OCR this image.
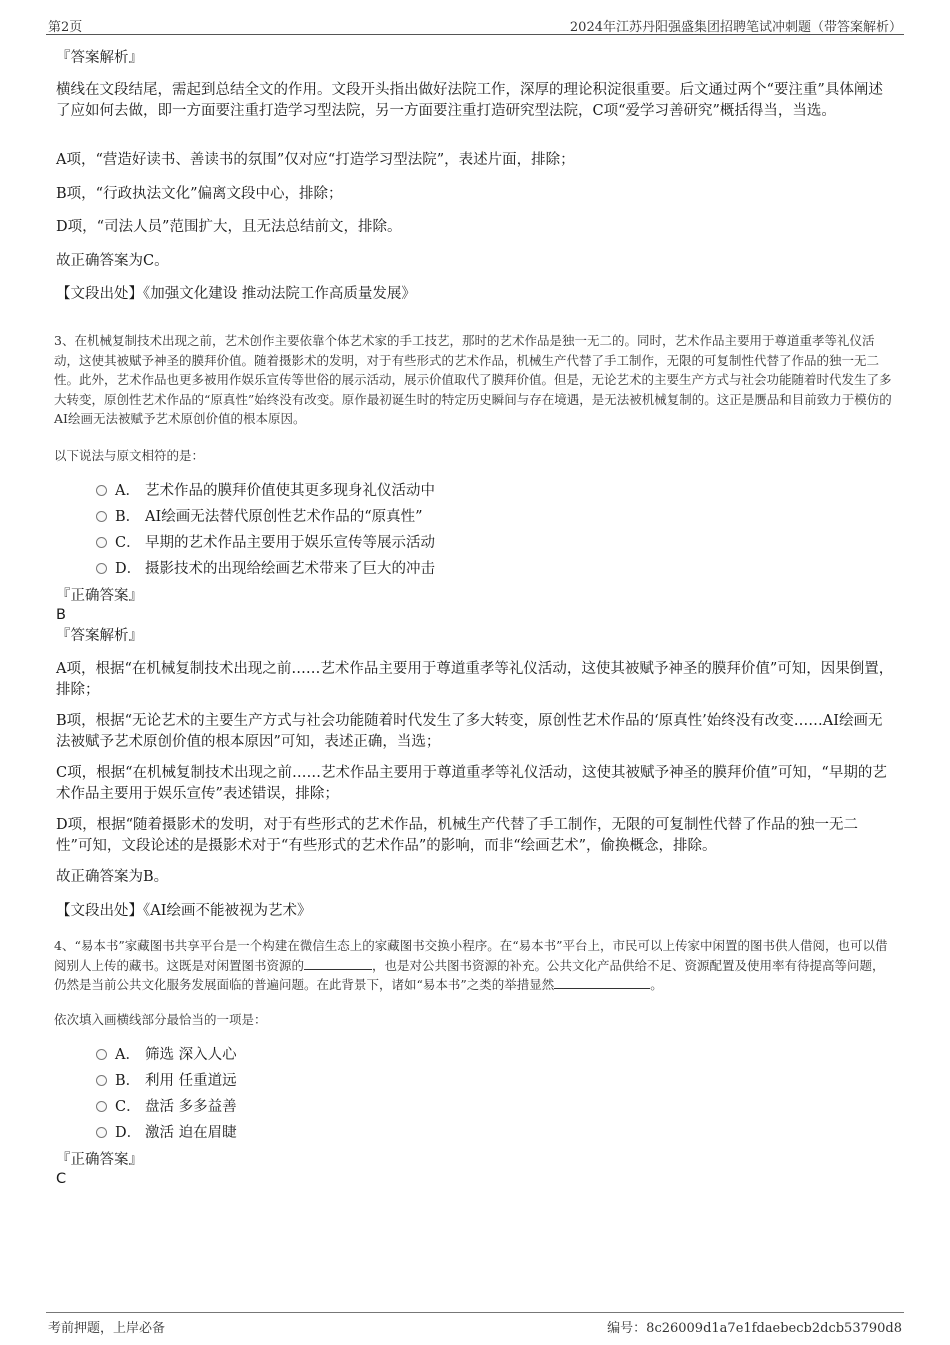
第2页	2024年江苏丹阳强盛集团招聘笔试冲刺题（带答案解析）
『答案解析』
横线在文段结尾，需起到总结全文的作用。文段开头指出做好法院工作，深厚的理论积淀很重要。后文通过两个“要注重”具体阐述了应如何去做，即一方面要注重打造学习型法院，另一方面要注重打造研究型法院，C项“爱学习善研究”概括得当，当选。
A项，“营造好读书、善读书的氛围”仅对应“打造学习型法院”，表述片面，排除；
B项，“行政执法文化”偏离文段中心，排除；
D项，“司法人员”范围扩大，且无法总结前文，排除。
故正确答案为C。
【文段出处】《加强文化建设 推动法院工作高质量发展》
3、在机械复制技术出现之前，艺术创作主要依靠个体艺术家的手工技艺，那时的艺术作品是独一无二的。同时，艺术作品主要用于尊道重孝等礼仪活动，这使其被赋予神圣的膜拜价值。随着摄影术的发明，对于有些形式的艺术作品，机械生产代替了手工制作，无限的可复制性代替了作品的独一无二性。此外，艺术作品也更多被用作娱乐宣传等世俗的展示活动，展示价值取代了膜拜价值。但是，无论艺术的主要生产方式与社会功能随着时代发生了多大转变，原创性艺术作品的“原真性”始终没有改变。原作最初诞生时的特定历史瞬间与存在境遇，是无法被机械复制的。这正是赝品和目前致力于模仿的AI绘画无法被赋予艺术原创价值的根本原因。
以下说法与原文相符的是：
A． 艺术作品的膜拜价值使其更多现身礼仪活动中
B． AI绘画无法替代原创性艺术作品的“原真性”
C． 早期的艺术作品主要用于娱乐宣传等展示活动
D． 摄影技术的出现给绘画艺术带来了巨大的冲击
『正确答案』
B
『答案解析』
A项，根据“在机械复制技术出现之前……艺术作品主要用于尊道重孝等礼仪活动，这使其被赋予神圣的膜拜价值”可知，因果倒置，排除；
B项，根据“无论艺术的主要生产方式与社会功能随着时代发生了多大转变，原创性艺术作品的‘原真性’始终没有改变……AI绘画无法被赋予艺术原创价值的根本原因”可知，表述正确，当选；
C项，根据“在机械复制技术出现之前……艺术作品主要用于尊道重孝等礼仪活动，这使其被赋予神圣的膜拜价值”可知，“早期的艺术作品主要用于娱乐宣传”表述错误，排除；
D项，根据“随着摄影术的发明，对于有些形式的艺术作品，机械生产代替了手工制作，无限的可复制性代替了作品的独一无二性”可知，文段论述的是摄影术对于“有些形式的艺术作品”的影响，而非“绘画艺术”，偷换概念，排除。
故正确答案为B。
【文段出处】《AI绘画不能被视为艺术》
4、“易本书”家藏图书共享平台是一个构建在微信生态上的家藏图书交换小程序。在“易本书”平台上，市民可以上传家中闲置的图书供人借阅，也可以借阅别人上传的藏书。这既是对闲置图书资源的	，也是对公共图书资源的补充。公共文化产品供给不足、资源配置及使用率有待提高等问题，仍然是当前公共文化服务发展面临的普遍问题。在此背景下，诸如“易本书”之类的举措显然	。
依次填入画横线部分最恰当的一项是：
A． 筛选 深入人心
B． 利用 任重道远
C． 盘活 多多益善
D． 激活 迫在眉睫
『正确答案』
C
考前押题，上岸必备	编号：8c26009d1a7e1fdaebecb2dcb53790d8
